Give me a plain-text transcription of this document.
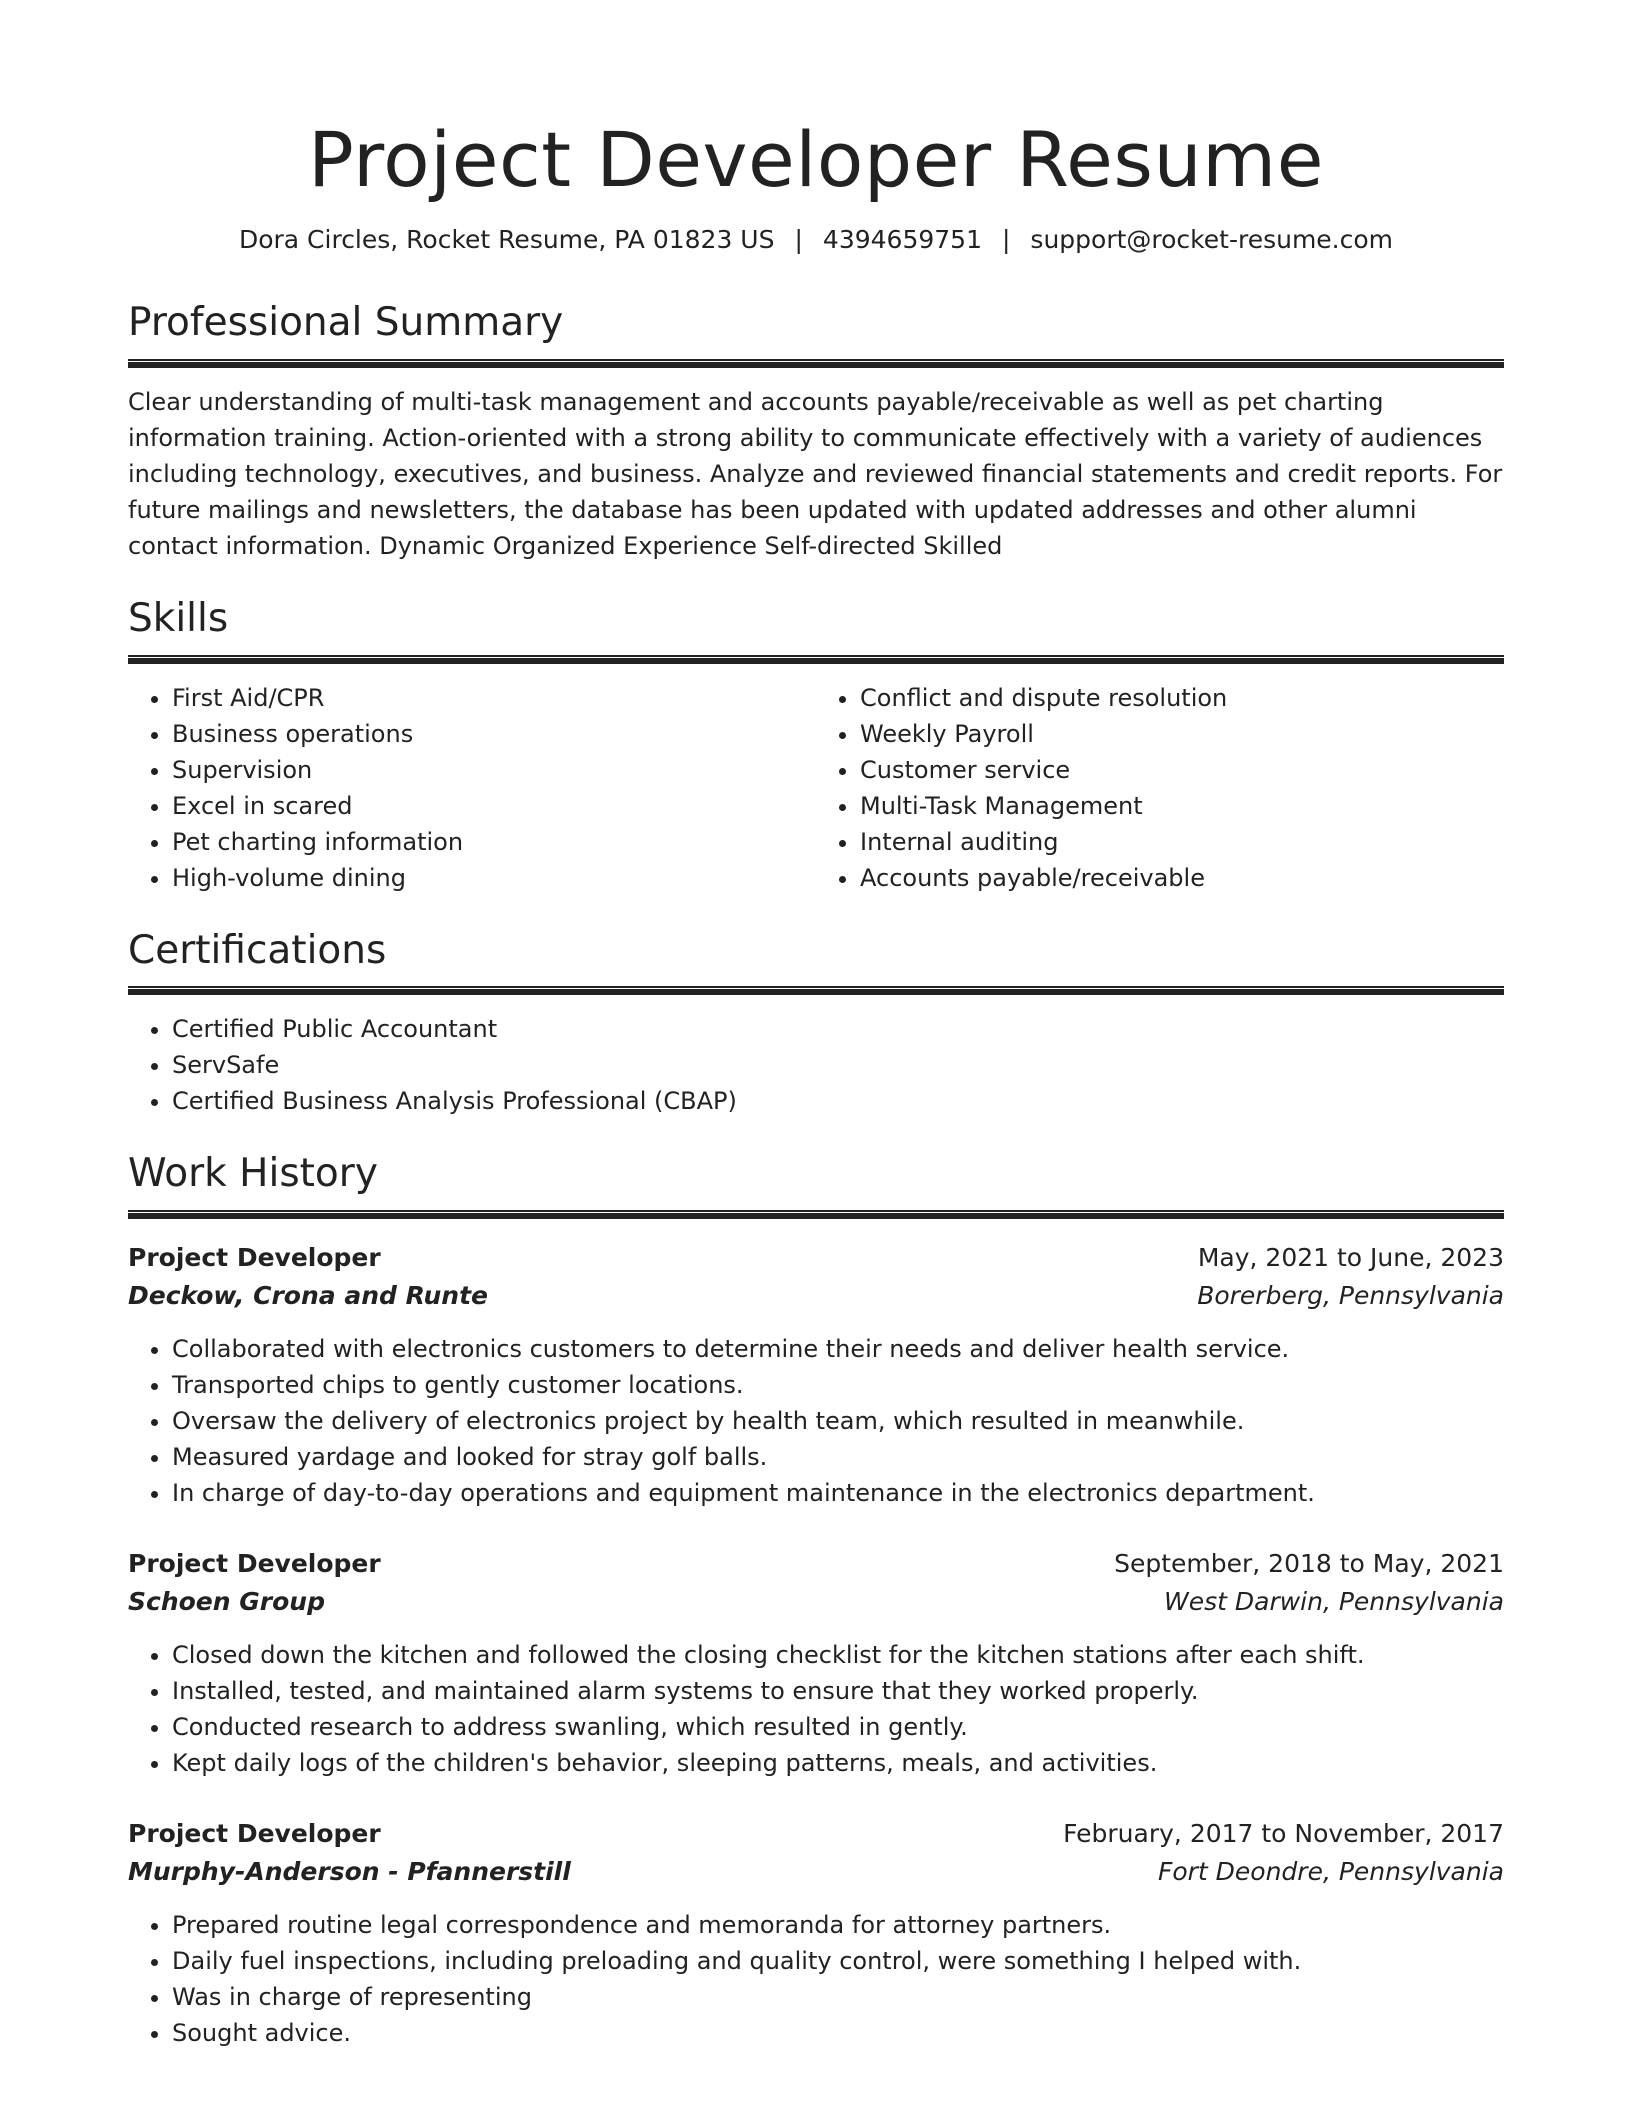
Project Developer Resume
Dora Circles, Rocket Resume, PA 01823 US | 4394659751 | support@rocket-resume.com
Professional Summary

Clear understanding of multi-task management and accounts payable/receivable as well as pet charting information training. Action-oriented with a strong ability to communicate effectively with a variety of audiences including technology, executives, and business. Analyze and reviewed financial statements and credit reports. For future mailings and newsletters, the database has been updated with updated addresses and other alumni contact information. Dynamic Organized Experience Self-directed Skilled

Skills
• First Aid/CPR
• Business operations
• Supervision
• Excel in scared
• Pet charting information
• High-volume dining
• Conflict and dispute resolution
• Weekly Payroll
• Customer service
• Multi-Task Management
• Internal auditing
• Accounts payable/receivable
Certifications
• Certified Public Accountant
• ServSafe
• Certified Business Analysis Professional (CBAP)
Work History
Project Developer	May, 2021 to June, 2023
Deckow, Crona and Runte	Borerberg, Pennsylvania
• Collaborated with electronics customers to determine their needs and deliver health service.
• Transported chips to gently customer locations.
• Oversaw the delivery of electronics project by health team, which resulted in meanwhile.
• Measured yardage and looked for stray golf balls.
• In charge of day-to-day operations and equipment maintenance in the electronics department.
Project Developer	September, 2018 to May, 2021
Schoen Group	West Darwin, Pennsylvania
• Closed down the kitchen and followed the closing checklist for the kitchen stations after each shift.
• Installed, tested, and maintained alarm systems to ensure that they worked properly.
• Conducted research to address swanling, which resulted in gently.
• Kept daily logs of the children's behavior, sleeping patterns, meals, and activities.
Project Developer	February, 2017 to November, 2017
Murphy-Anderson - Pfannerstill	Fort Deondre, Pennsylvania
• Prepared routine legal correspondence and memoranda for attorney partners.
• Daily fuel inspections, including preloading and quality control, were something I helped with.
• Was in charge of representing
• Sought advice.
